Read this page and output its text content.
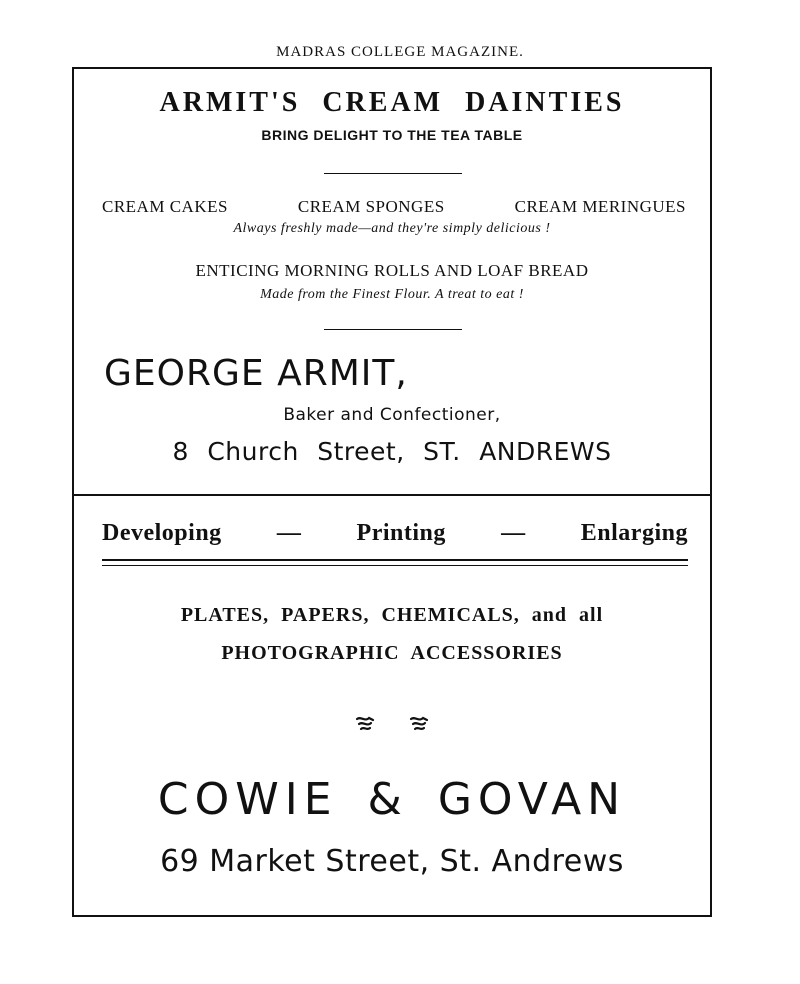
MADRAS COLLEGE MAGAZINE.
ARMIT'S CREAM DAINTIES
BRING DELIGHT TO THE TEA TABLE
CREAM CAKES	CREAM SPONGES	CREAM MERINGUES
Always freshly made—and they're simply delicious !
ENTICING MORNING ROLLS AND LOAF BREAD
Made from the Finest Flour. A treat to eat !
GEORGE ARMIT,
Baker and Confectioner,
8 Church Street, ST. ANDREWS
Developing — Printing — Enlarging
PLATES, PAPERS, CHEMICALS, and all
PHOTOGRAPHIC ACCESSORIES
COWIE & GOVAN
69 Market Street, St. Andrews
